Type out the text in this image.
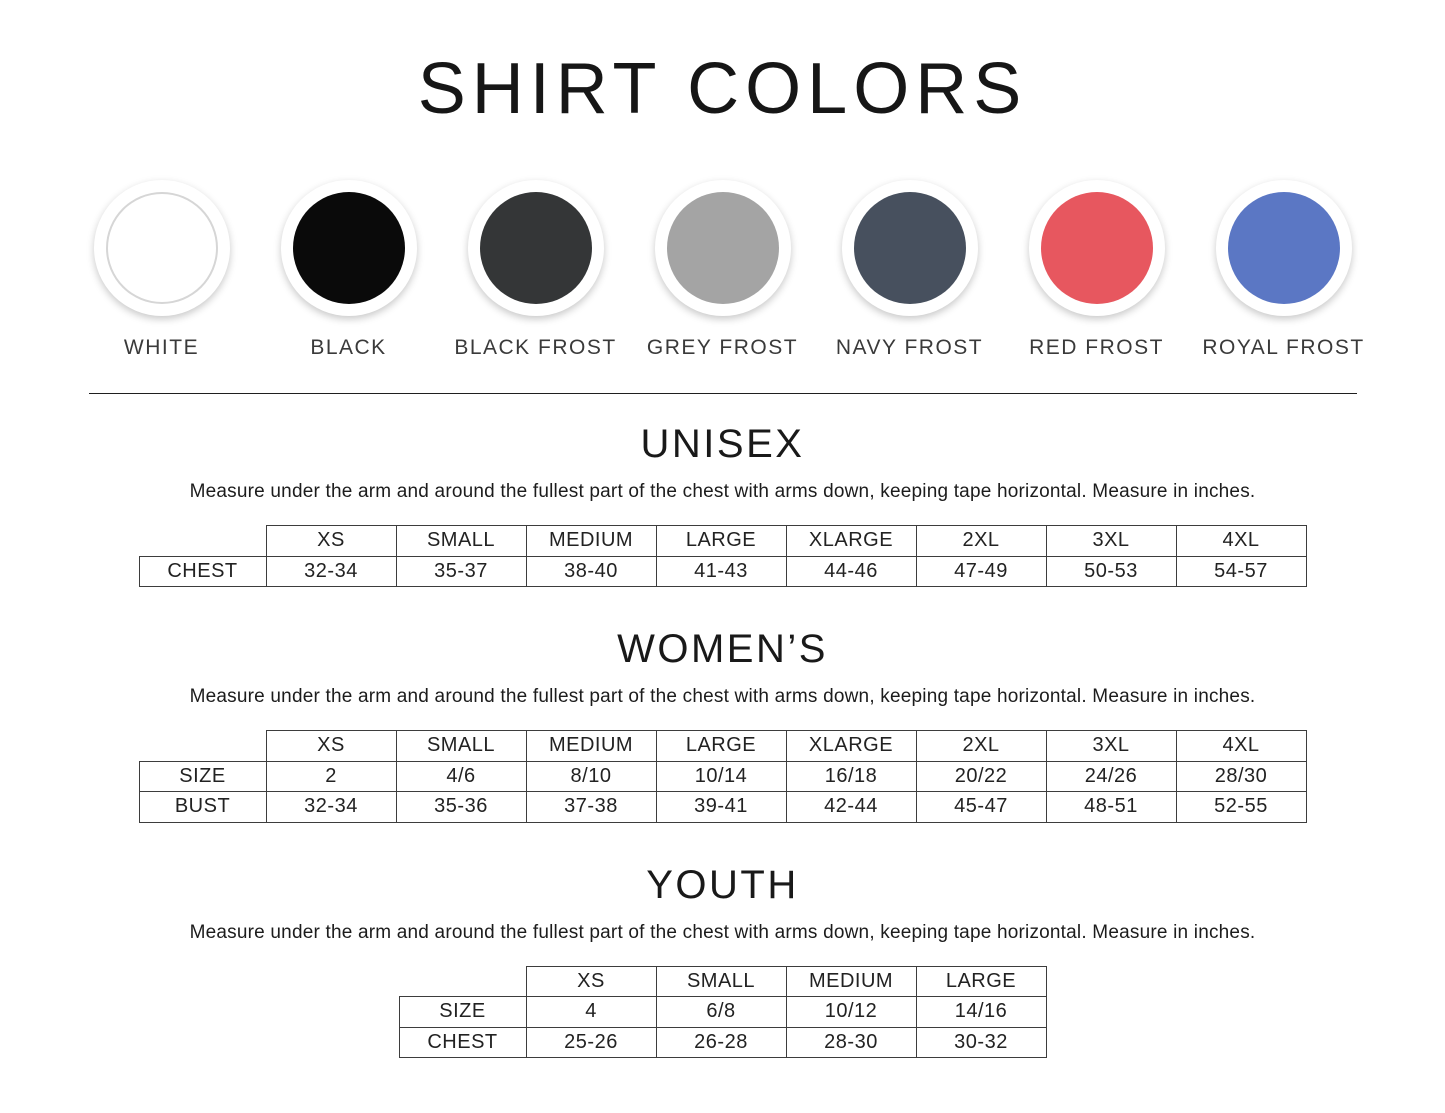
SHIRT COLORS
WHITE	BLACK	BLACK FROST	GREY FROST	NAVY FROST	RED FROST	ROYAL FROST
UNISEX

Measure under the arm and around the fullest part of the chest with arms down, keeping tape horizontal. Measure in inches.

	XS	SMALL	MEDIUM	LARGE	XLARGE	2XL	3XL	4XL
CHEST	32-34	35-37	38-40	41-43	44-46	47-49	50-53	54-57
WOMEN’S

Measure under the arm and around the fullest part of the chest with arms down, keeping tape horizontal. Measure in inches.

	XS	SMALL	MEDIUM	LARGE	XLARGE	2XL	3XL	4XL
SIZE	2	4/6	8/10	10/14	16/18	20/22	24/26	28/30
BUST	32-34	35-36	37-38	39-41	42-44	45-47	48-51	52-55
YOUTH

Measure under the arm and around the fullest part of the chest with arms down, keeping tape horizontal. Measure in inches.

	XS	SMALL	MEDIUM	LARGE
SIZE	4	6/8	10/12	14/16
CHEST	25-26	26-28	28-30	30-32
